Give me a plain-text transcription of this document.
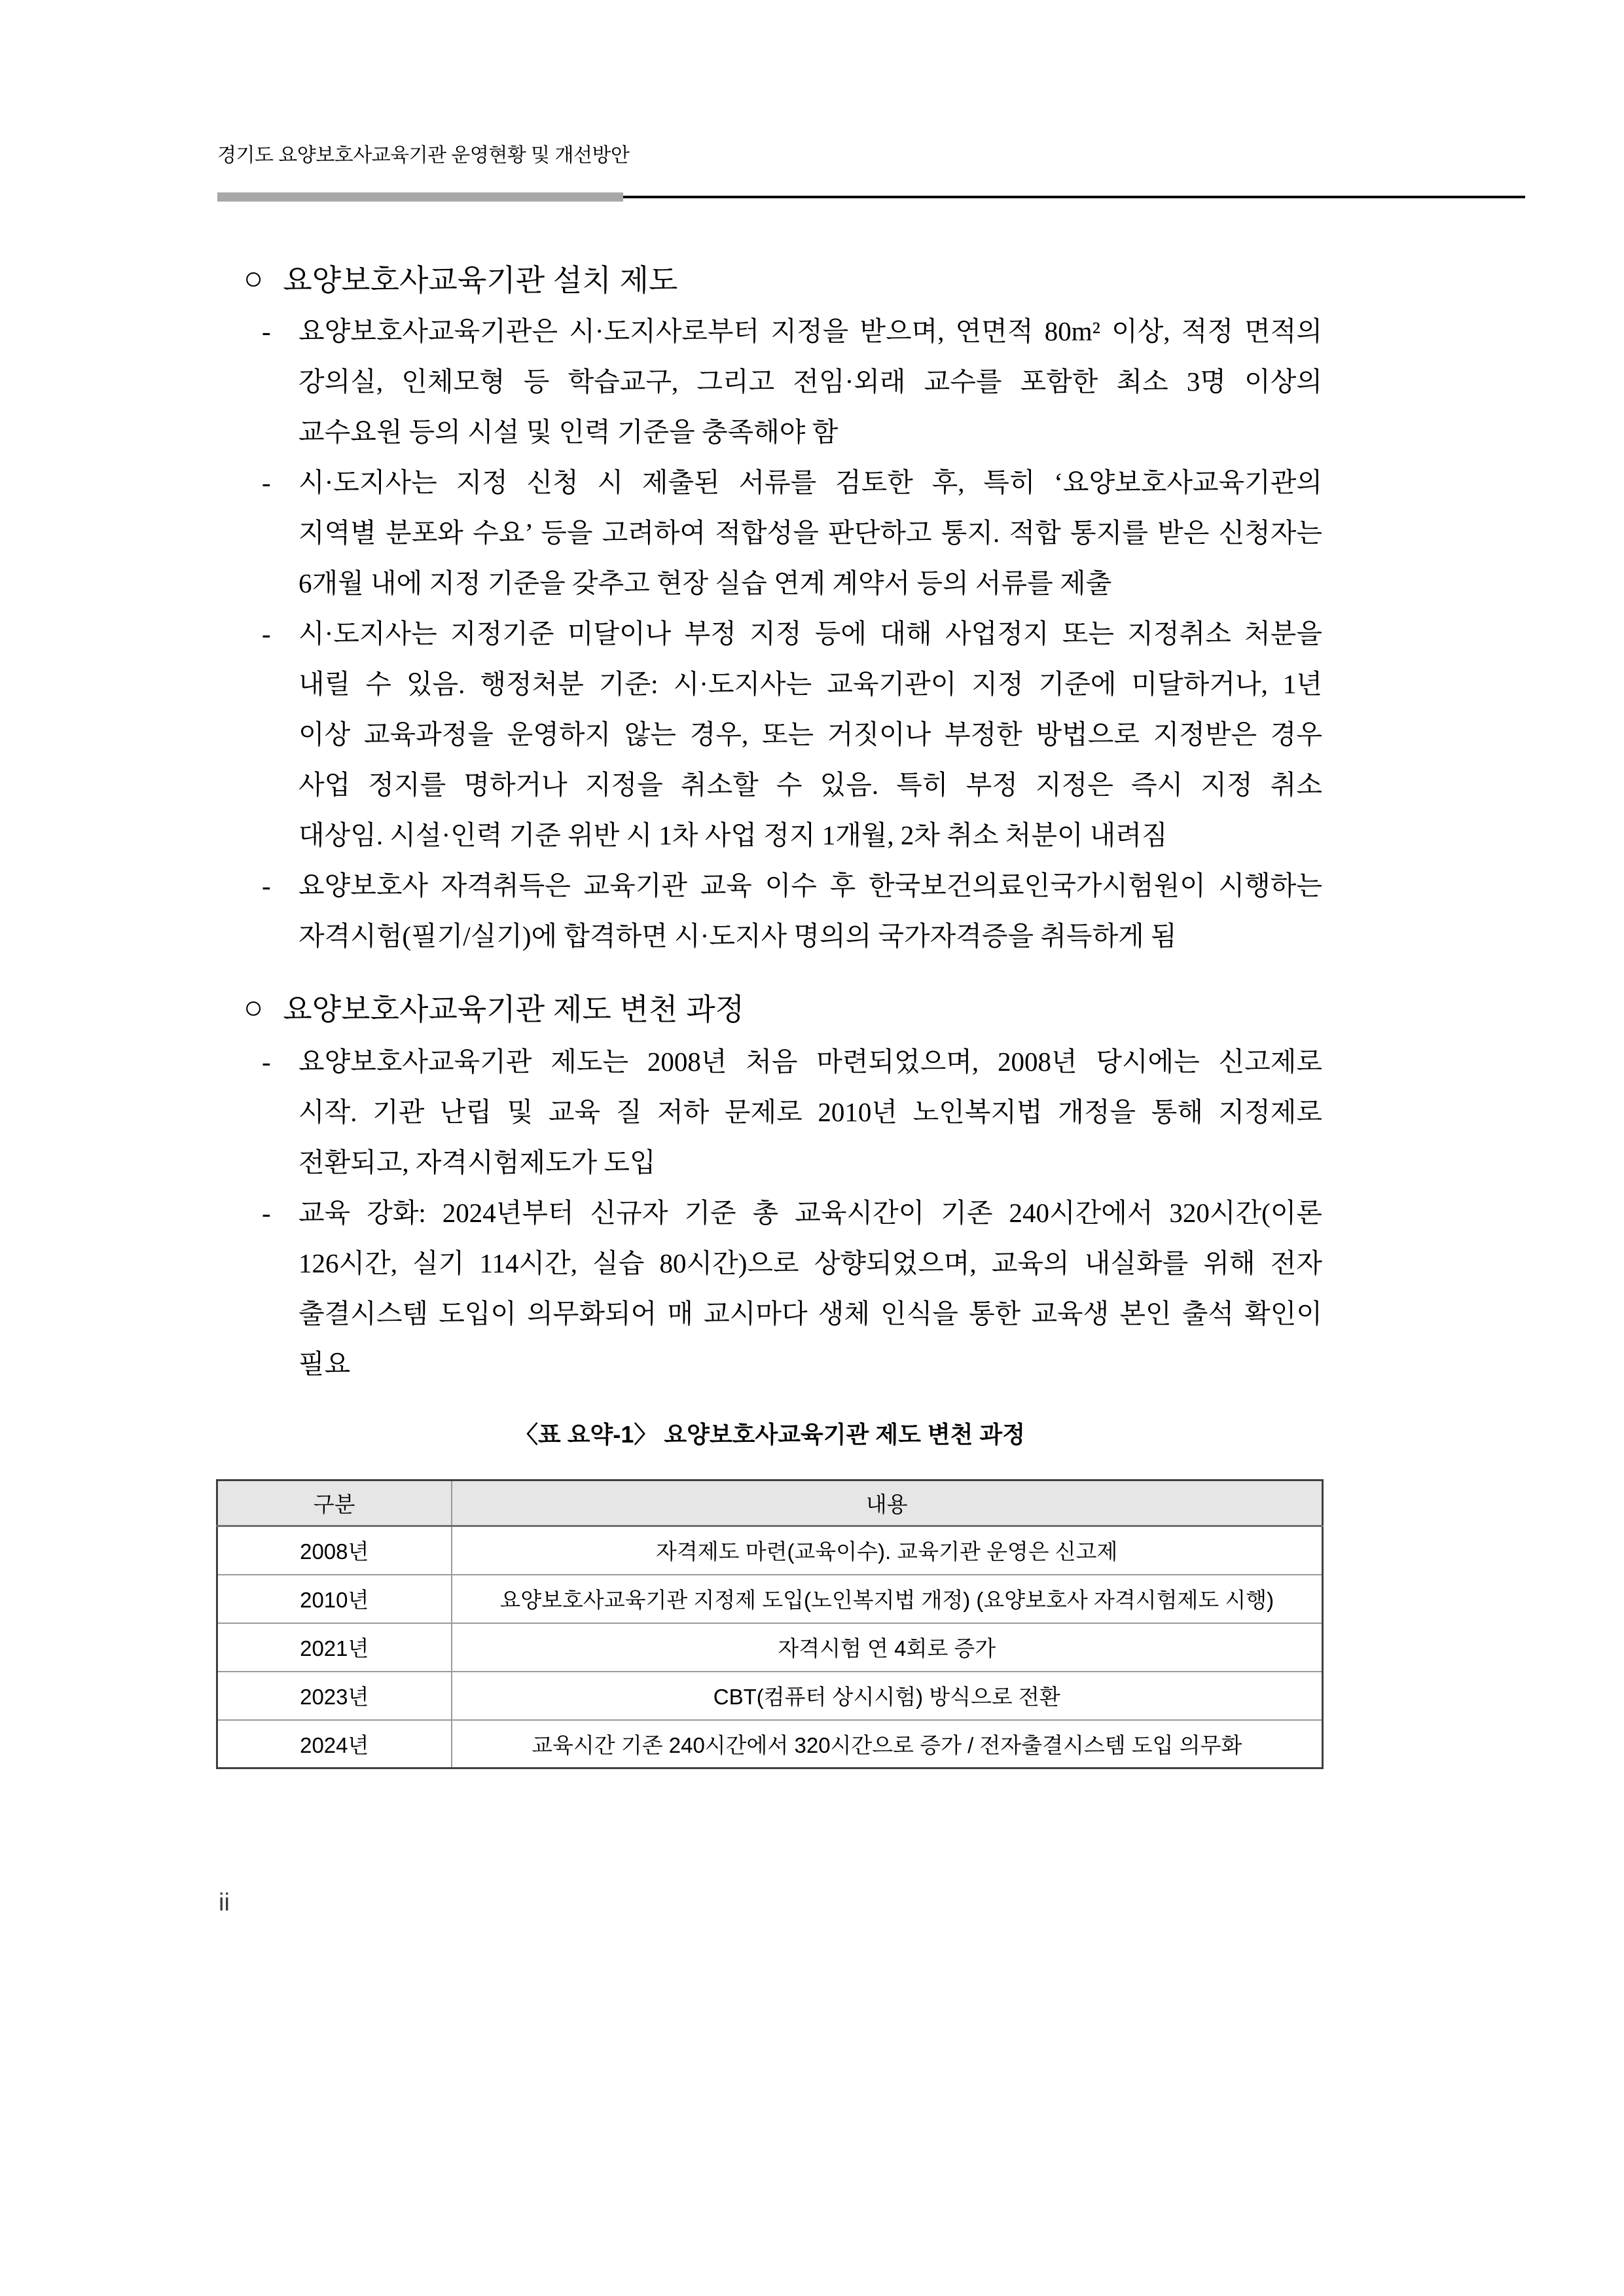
경기도 요양보호사교육기관 운영현황 및 개선방안
○ 요양보호사교육기관 설치 제도
- 요양보호사교육기관은 시·도지사로부터 지정을 받으며, 연면적 80m² 이상, 적정 면적의
강의실, 인체모형 등 학습교구, 그리고 전임·외래 교수를 포함한 최소 3명 이상의
교수요원 등의 시설 및 인력 기준을 충족해야 함
- 시·도지사는 지정 신청 시 제출된 서류를 검토한 후, 특히 ‘요양보호사교육기관의
지역별 분포와 수요’ 등을 고려하여 적합성을 판단하고 통지. 적합 통지를 받은 신청자는
6개월 내에 지정 기준을 갖추고 현장 실습 연계 계약서 등의 서류를 제출
- 시·도지사는 지정기준 미달이나 부정 지정 등에 대해 사업정지 또는 지정취소 처분을
내릴 수 있음. 행정처분 기준: 시·도지사는 교육기관이 지정 기준에 미달하거나, 1년
이상 교육과정을 운영하지 않는 경우, 또는 거짓이나 부정한 방법으로 지정받은 경우
사업 정지를 명하거나 지정을 취소할 수 있음. 특히 부정 지정은 즉시 지정 취소
대상임. 시설·인력 기준 위반 시 1차 사업 정지 1개월, 2차 취소 처분이 내려짐
- 요양보호사 자격취득은 교육기관 교육 이수 후 한국보건의료인국가시험원이 시행하는
자격시험(필기/실기)에 합격하면 시·도지사 명의의 국가자격증을 취득하게 됨
○ 요양보호사교육기관 제도 변천 과정
- 요양보호사교육기관 제도는 2008년 처음 마련되었으며, 2008년 당시에는 신고제로
시작. 기관 난립 및 교육 질 저하 문제로 2010년 노인복지법 개정을 통해 지정제로
전환되고, 자격시험제도가 도입
- 교육 강화: 2024년부터 신규자 기준 총 교육시간이 기존 240시간에서 320시간(이론
126시간, 실기 114시간, 실습 80시간)으로 상향되었으며, 교육의 내실화를 위해 전자
출결시스템 도입이 의무화되어 매 교시마다 생체 인식을 통한 교육생 본인 출석 확인이
필요
〈표 요약-1〉 요양보호사교육기관 제도 변천 과정
구분	내용
2008년	자격제도 마련(교육이수). 교육기관 운영은 신고제
2010년	요양보호사교육기관 지정제 도입(노인복지법 개정) (요양보호사 자격시험제도 시행)
2021년	자격시험 연 4회로 증가
2023년	CBT(컴퓨터 상시시험) 방식으로 전환
2024년	교육시간 기존 240시간에서 320시간으로 증가 / 전자출결시스템 도입 의무화
ii
